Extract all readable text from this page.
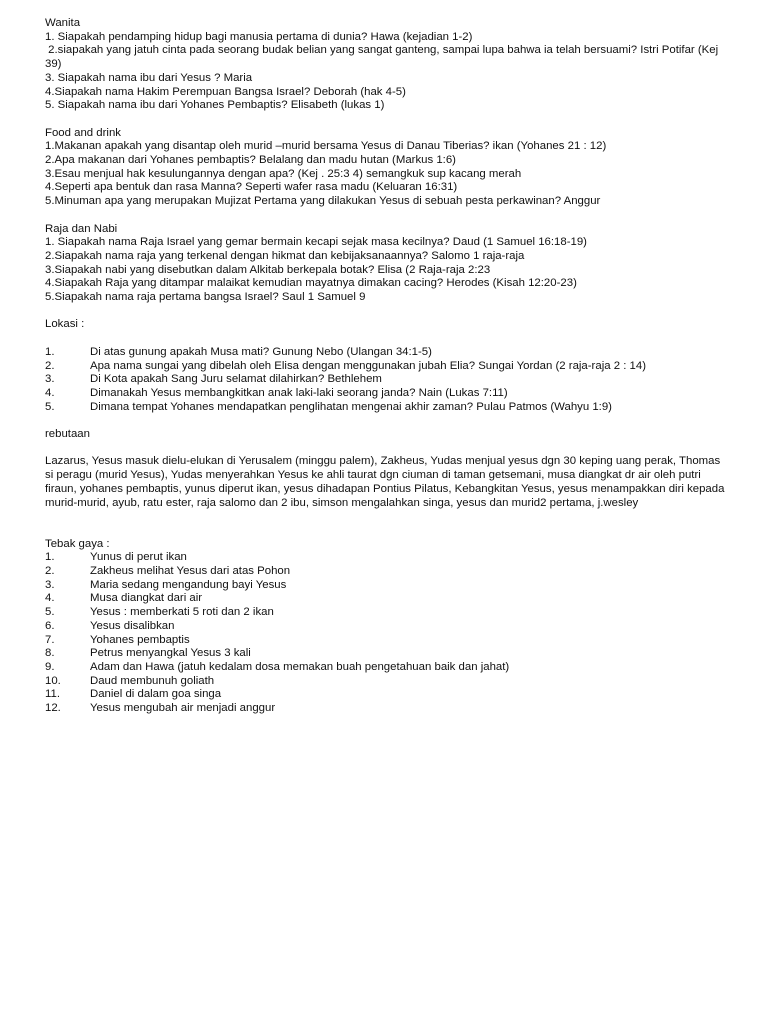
Wanita
1. Siapakah pendamping hidup bagi manusia pertama di dunia? Hawa (kejadian 1-2)
2.siapakah yang jatuh cinta pada seorang budak belian yang sangat ganteng, sampai lupa bahwa ia telah bersuami? Istri Potifar (Kej 39)
3. Siapakah nama ibu dari Yesus ? Maria
4.Siapakah nama Hakim Perempuan Bangsa Israel? Deborah (hak 4-5)
5. Siapakah nama ibu dari Yohanes Pembaptis? Elisabeth (lukas 1)
Food and drink
1.Makanan apakah yang disantap oleh murid –murid bersama Yesus di Danau Tiberias? ikan (Yohanes 21 : 12)
2.Apa makanan dari Yohanes pembaptis? Belalang dan madu hutan (Markus 1:6)
3.Esau menjual hak kesulungannya dengan apa? (Kej . 25:3 4) semangkuk sup kacang merah
4.Seperti apa bentuk dan rasa Manna? Seperti wafer rasa madu (Keluaran 16:31)
5.Minuman apa yang merupakan Mujizat Pertama yang dilakukan Yesus di sebuah pesta perkawinan? Anggur
Raja dan Nabi
1. Siapakah nama Raja Israel yang gemar bermain kecapi sejak masa kecilnya? Daud (1 Samuel 16:18-19)
2.Siapakah nama raja yang terkenal dengan hikmat dan kebijaksanaannya? Salomo 1 raja-raja
3.Siapakah nabi yang disebutkan dalam Alkitab berkepala botak? Elisa (2 Raja-raja 2:23
4.Siapakah Raja yang ditampar malaikat kemudian mayatnya dimakan cacing? Herodes (Kisah 12:20-23)
5.Siapakah nama raja pertama bangsa Israel? Saul 1 Samuel 9
Lokasi :
1.	Di atas gunung apakah Musa mati? Gunung Nebo (Ulangan 34:1-5)
2.	Apa nama sungai yang dibelah oleh Elisa dengan menggunakan jubah Elia? Sungai Yordan (2 raja-raja 2 : 14)
3.	Di Kota apakah Sang Juru selamat dilahirkan? Bethlehem
4.	Dimanakah Yesus membangkitkan anak laki-laki seorang janda? Nain (Lukas 7:11)
5.	Dimana tempat Yohanes mendapatkan penglihatan mengenai akhir zaman? Pulau Patmos (Wahyu 1:9)
rebutaan
Lazarus, Yesus masuk dielu-elukan di Yerusalem (minggu palem), Zakheus, Yudas menjual yesus dgn 30 keping uang perak, Thomas si peragu (murid Yesus), Yudas menyerahkan Yesus ke ahli taurat dgn ciuman di taman getsemani, musa diangkat dr air oleh putri firaun, yohanes pembaptis, yunus diperut ikan, yesus dihadapan Pontius Pilatus, Kebangkitan Yesus, yesus menampakkan diri kepada murid-murid, ayub, ratu ester, raja salomo dan 2 ibu, simson mengalahkan singa, yesus dan murid2 pertama, j.wesley
Tebak gaya :
1.	Yunus di perut ikan
2.	Zakheus melihat Yesus dari atas Pohon
3.	Maria sedang mengandung bayi Yesus
4.	Musa diangkat dari air
5.	Yesus : memberkati 5 roti dan 2 ikan
6.	Yesus disalibkan
7.	Yohanes pembaptis
8.	Petrus menyangkal Yesus 3 kali
9.	Adam dan Hawa (jatuh kedalam dosa memakan buah pengetahuan baik dan jahat)
10.	Daud membunuh goliath
11.	Daniel di dalam goa singa
12.	Yesus mengubah air menjadi anggur
